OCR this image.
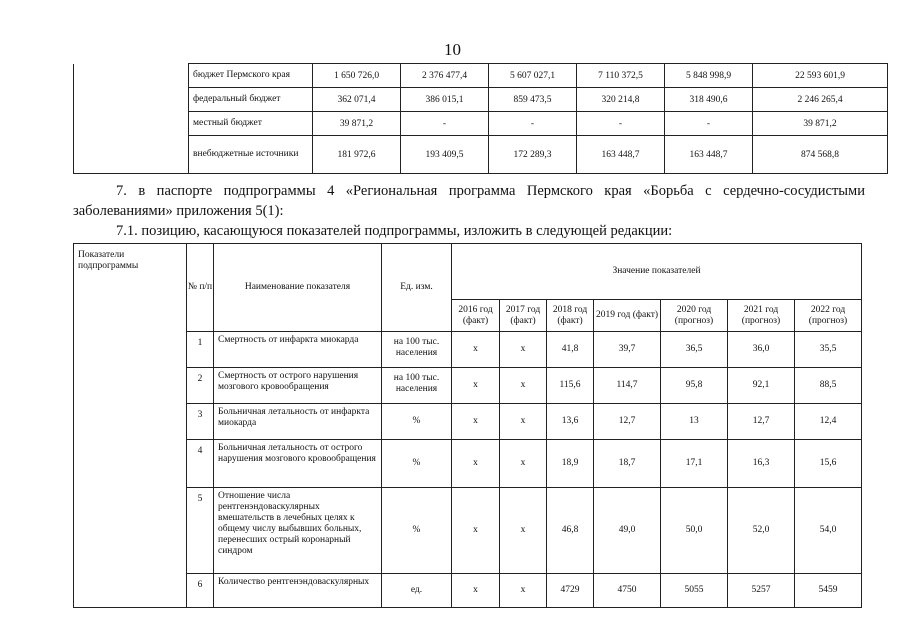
10
	бюджет Пермского края	1 650 726,0	2 376 477,4	5 607 027,1	7 110 372,5	5 848 998,9	22 593 601,9
	федеральный бюджет	362 071,4	386 015,1	859 473,5	320 214,8	318 490,6	2 246 265,4
	местный бюджет	39 871,2	-	-	-	-	39 871,2
	внебюджетные источники	181 972,6	193 409,5	172 289,3	163 448,7	163 448,7	874 568,8
7. в паспорте подпрограммы 4 «Региональная программа Пермского края «Борьба с сердечно-сосудистыми заболеваниями» приложения 5(1):
7.1. позицию, касающуюся показателей подпрограммы, изложить в следующей редакции:
Показатели подпрограммы	№ п/п	Наименование показателя	Ед. изм.	Значение показателей						
				2016 год (факт)	2017 год (факт)	2018 год (факт)	2019 год (факт)	2020 год (прогноз)	2021 год (прогноз)	2022 год (прогноз)
	1	Смертность от инфаркта миокарда	на 100 тыс. населения	х	х	41,8	39,7	36,5	36,0	35,5
	2	Смертность от острого нарушения мозгового кровообращения	на 100 тыс. населения	х	х	115,6	114,7	95,8	92,1	88,5
	3	Больничная летальность от инфаркта миокарда	%	х	х	13,6	12,7	13	12,7	12,4
	4	Больничная летальность от острого нарушения мозгового кровообращения	%	х	х	18,9	18,7	17,1	16,3	15,6
	5	Отношение числа рентгенэндоваскулярных вмешательств в лечебных целях к общему числу выбывших больных, перенесших острый коронарный синдром	%	х	х	46,8	49,0	50,0	52,0	54,0
	6	Количество рентгенэндоваскулярных	ед.	х	х	4729	4750	5055	5257	5459
